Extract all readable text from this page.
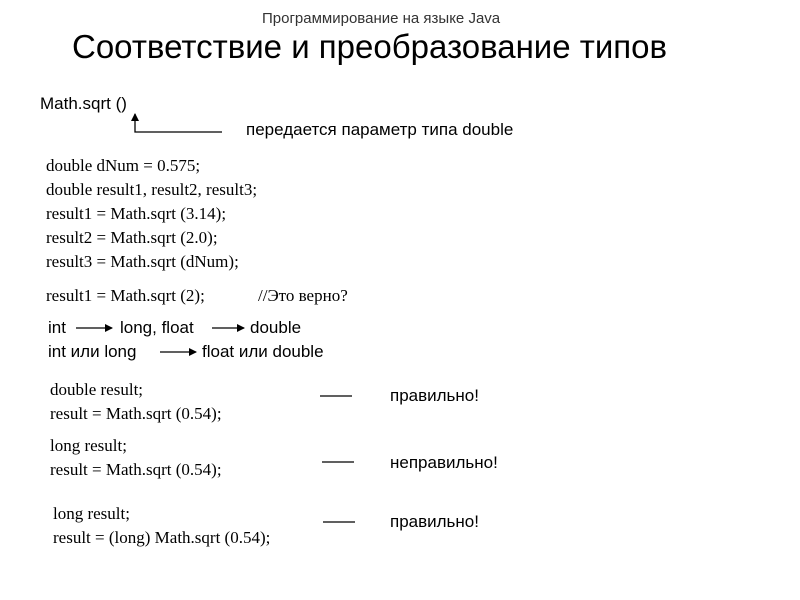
Программирование на языке Java
Соответствие и преобразование типов
Math.sqrt ()
передается параметр типа double
double dNum = 0.575;
double result1, result2, result3;
result1 = Math.sqrt (3.14);
result2 = Math.sqrt (2.0);
result3 = Math.sqrt (dNum);
result1 = Math.sqrt (2);	//Это верно?
int	long, float	double
int или long	float или double
double result;
result = Math.sqrt (0.54);
правильно!
long result;
result = Math.sqrt (0.54);	неправильно!
long result;
result = (long) Math.sqrt (0.54);
правильно!
